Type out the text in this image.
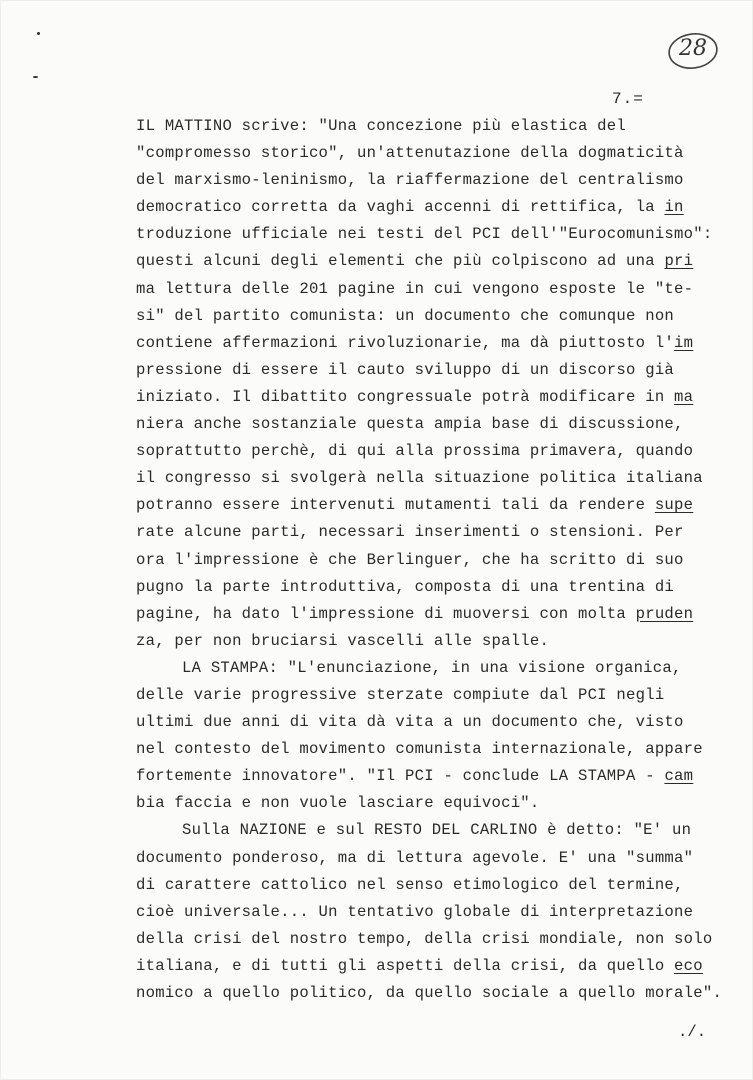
28
7.=
IL MATTINO scrive: "Una concezione più elastica del
"compromesso storico", un'attenutazione della dogmaticità
del marxismo-leninismo, la riaffermazione del centralismo
democratico corretta da vaghi accenni di rettifica, la in
troduzione ufficiale nei testi del PCI dell'"Eurocomunismo":
questi alcuni degli elementi che più colpiscono ad una pri
ma lettura delle 201 pagine in cui vengono esposte le "te-
si" del partito comunista: un documento che comunque non
contiene affermazioni rivoluzionarie, ma dà piuttosto l'im
pressione di essere il cauto sviluppo di un discorso già
iniziato. Il dibattito congressuale potrà modificare in ma
niera anche sostanziale questa ampia base di discussione,
soprattutto perchè, di qui alla prossima primavera, quando
il congresso si svolgerà nella situazione politica italiana
potranno essere intervenuti mutamenti tali da rendere supe
rate alcune parti, necessari inserimenti o stensioni. Per
ora l'impressione è che Berlinguer, che ha scritto di suo
pugno la parte introduttiva, composta di una trentina di
pagine, ha dato l'impressione di muoversi con molta pruden
za, per non bruciarsi vascelli alle spalle.
LA STAMPA: "L'enunciazione, in una visione organica,
delle varie progressive sterzate compiute dal PCI negli
ultimi due anni di vita dà vita a un documento che, visto
nel contesto del movimento comunista internazionale, appare
fortemente innovatore". "Il PCI - conclude LA STAMPA - cam
bia faccia e non vuole lasciare equivoci".
Sulla NAZIONE e sul RESTO DEL CARLINO è detto: "E' un
documento ponderoso, ma di lettura agevole. E' una "summa"
di carattere cattolico nel senso etimologico del termine,
cioè universale... Un tentativo globale di interpretazione
della crisi del nostro tempo, della crisi mondiale, non solo
italiana, e di tutti gli aspetti della crisi, da quello eco
nomico a quello politico, da quello sociale a quello morale".
./.
